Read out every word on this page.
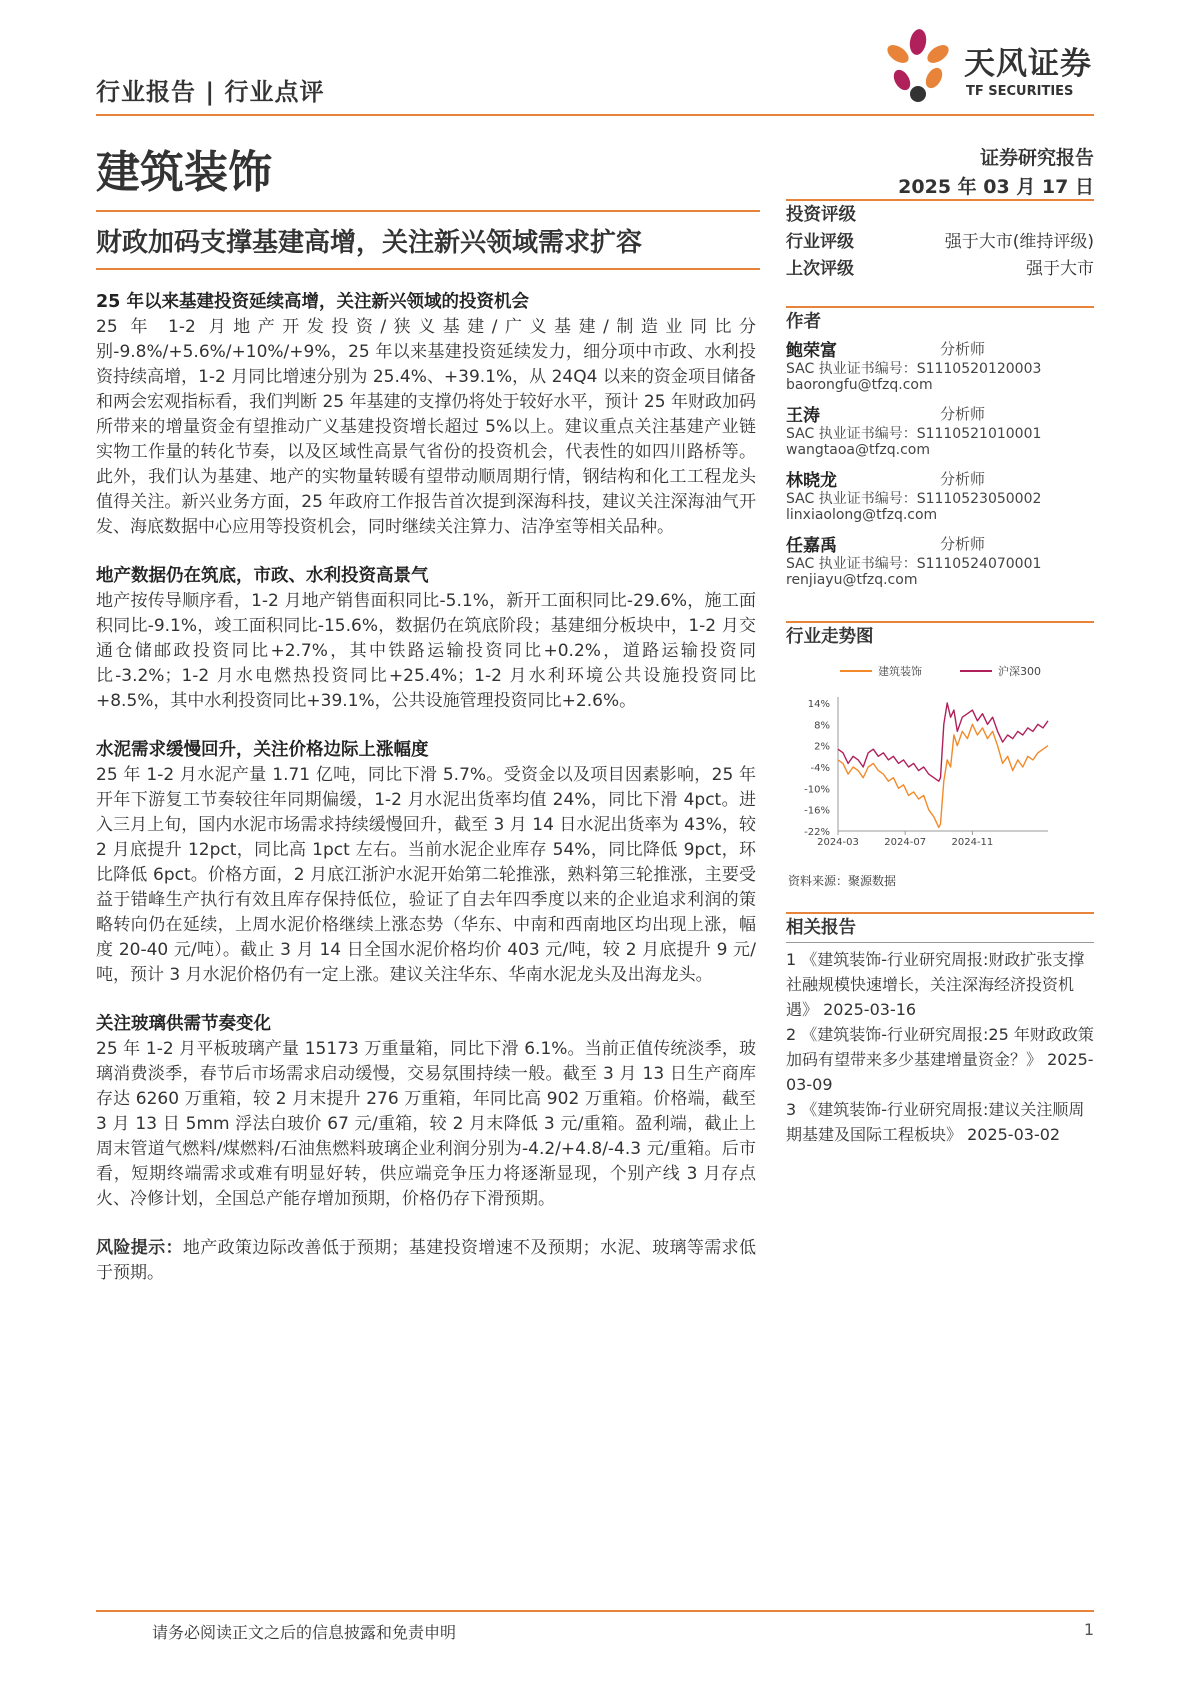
行业报告 | 行业点评
天风证券
TF SECURITIES
建筑装饰	证券研究报告
2025 年 03 月 17 日
财政加码支撑基建高增，关注新兴领域需求扩容
25 年以来基建投资延续高增，关注新兴领域的投资机会
25 年 1-2 月地产开发投资/狭义基建/广义基建/制造业同比分别-9.8%/+5.6%/+10%/+9%，25 年以来基建投资延续发力，细分项中市政、水利投资持续高增，1-2 月同比增速分别为 25.4%、+39.1%，从 24Q4 以来的资金项目储备和两会宏观指标看，我们判断 25 年基建的支撑仍将处于较好水平，预计 25 年财政加码所带来的增量资金有望推动广义基建投资增长超过 5%以上。建议重点关注基建产业链实物工作量的转化节奏，以及区域性高景气省份的投资机会，代表性的如四川路桥等。此外，我们认为基建、地产的实物量转暖有望带动顺周期行情，钢结构和化工工程龙头值得关注。新兴业务方面，25 年政府工作报告首次提到深海科技，建议关注深海油气开发、海底数据中心应用等投资机会，同时继续关注算力、洁净室等相关品种。
地产数据仍在筑底，市政、水利投资高景气
地产按传导顺序看，1-2 月地产销售面积同比-5.1%，新开工面积同比-29.6%，施工面积同比-9.1%，竣工面积同比-15.6%，数据仍在筑底阶段；基建细分板块中，1-2 月交通仓储邮政投资同比+2.7%，其中铁路运输投资同比+0.2%，道路运输投资同比-3.2%；1-2 月水电燃热投资同比+25.4%；1-2 月水利环境公共设施投资同比+8.5%，其中水利投资同比+39.1%，公共设施管理投资同比+2.6%。
水泥需求缓慢回升，关注价格边际上涨幅度
25 年 1-2 月水泥产量 1.71 亿吨，同比下滑 5.7%。受资金以及项目因素影响，25 年开年下游复工节奏较往年同期偏缓，1-2 月水泥出货率均值 24%，同比下滑 4pct。进入三月上旬，国内水泥市场需求持续缓慢回升，截至 3 月 14 日水泥出货率为 43%，较 2 月底提升 12pct，同比高 1pct 左右。当前水泥企业库存 54%，同比降低 9pct，环比降低 6pct。价格方面，2 月底江浙沪水泥开始第二轮推涨，熟料第三轮推涨，主要受益于错峰生产执行有效且库存保持低位，验证了自去年四季度以来的企业追求利润的策略转向仍在延续，上周水泥价格继续上涨态势（华东、中南和西南地区均出现上涨，幅度 20-40 元/吨）。截止 3 月 14 日全国水泥价格均价 403 元/吨，较 2 月底提升 9 元/吨，预计 3 月水泥价格仍有一定上涨。建议关注华东、华南水泥龙头及出海龙头。
关注玻璃供需节奏变化
25 年 1-2 月平板玻璃产量 15173 万重量箱，同比下滑 6.1%。当前正值传统淡季，玻璃消费淡季，春节后市场需求启动缓慢，交易氛围持续一般。截至 3 月 13 日生产商库存达 6260 万重箱，较 2 月末提升 276 万重箱，年同比高 902 万重箱。价格端，截至 3 月 13 日 5mm 浮法白玻价 67 元/重箱，较 2 月末降低 3 元/重箱。盈利端，截止上周末管道气燃料/煤燃料/石油焦燃料玻璃企业利润分别为-4.2/+4.8/-4.3 元/重箱。后市看，短期终端需求或难有明显好转，供应端竞争压力将逐渐显现，个别产线 3 月存点火、冷修计划，全国总产能存增加预期，价格仍存下滑预期。
风险提示：地产政策边际改善低于预期；基建投资增速不及预期；水泥、玻璃等需求低于预期。
投资评级
行业评级	强于大市(维持评级)
上次评级	强于大市
作者
鲍荣富	分析师
SAC 执业证书编号：S1110520120003
baorongfu@tfzq.com
王涛	分析师
SAC 执业证书编号：S1110521010001
wangtaoa@tfzq.com
林晓龙	分析师
SAC 执业证书编号：S1110523050002
linxiaolong@tfzq.com
任嘉禹	分析师
SAC 执业证书编号：S1110524070001
renjiayu@tfzq.com
行业走势图
建筑装饰	沪深300
14%
8%
2%
-4%
-10%
-16%
-22%
2024-03	2024-07	2024-11
资料来源：聚源数据
相关报告
1 《建筑装饰-行业研究周报:财政扩张支撑社融规模快速增长，关注深海经济投资机遇》 2025-03-16
2 《建筑装饰-行业研究周报:25 年财政政策加码有望带来多少基建增量资金？》 2025-03-09
3 《建筑装饰-行业研究周报:建议关注顺周期基建及国际工程板块》 2025-03-02
请务必阅读正文之后的信息披露和免责申明	1
